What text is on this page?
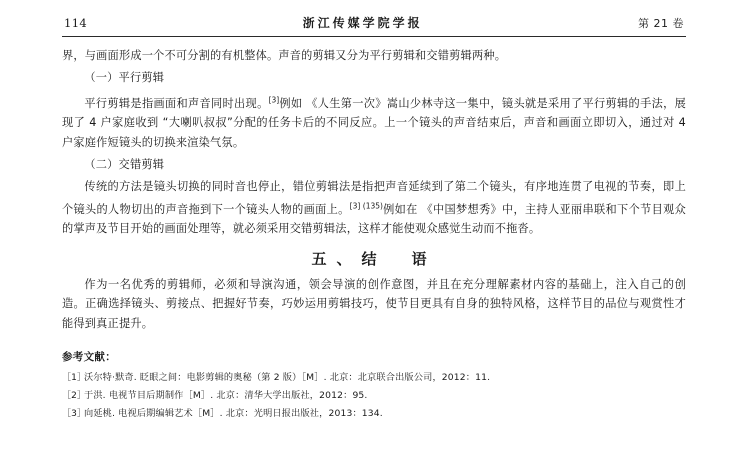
114	浙江传媒学院学报	第 21 卷

界，与画面形成一个不可分割的有机整体。声音的剪辑又分为平行剪辑和交错剪辑两种。

（一）平行剪辑

平行剪辑是指画面和声音同时出现。[3]例如 《人生第一次》嵩山少林寺这一集中，镜头就是采用了平行剪辑的手法，展现了 4 户家庭收到 “大喇叭叔叔”分配的任务卡后的不同反应。上一个镜头的声音结束后，声音和画面立即切入，通过对 4 户家庭作短镜头的切换来渲染气氛。

（二）交错剪辑

传统的方法是镜头切换的同时音也停止，错位剪辑法是指把声音延续到了第二个镜头，有序地连贯了电视的节奏，即上个镜头的人物切出的声音拖到下一个镜头人物的画面上。$^{[3] (135)}$例如在 《中国梦想秀》中，主持人亚丽串联和下个节目观众的掌声及节目开始的画面处理等，就必须采用交错剪辑法，这样才能使观众感觉生动而不拖沓。

五、结　语

作为一名优秀的剪辑师，必须和导演沟通，领会导演的创作意图，并且在充分理解素材内容的基础上，注入自己的创造。正确选择镜头、剪接点、把握好节奏，巧妙运用剪辑技巧，使节目更具有自身的独特风格，这样节目的品位与观赏性才能得到真正提升。

参考文献：
［1］
沃尔特·默奇. 眨眼之间：电影剪辑的奥秘（第 2 版）［M］. 北京：北京联合出版公司，2012：11.
［2］
于洪. 电视节目后期制作［M］. 北京：清华大学出版社，2012：95.
［3］
向延桃. 电视后期编辑艺术［M］. 北京：光明日报出版社，2013：134.
